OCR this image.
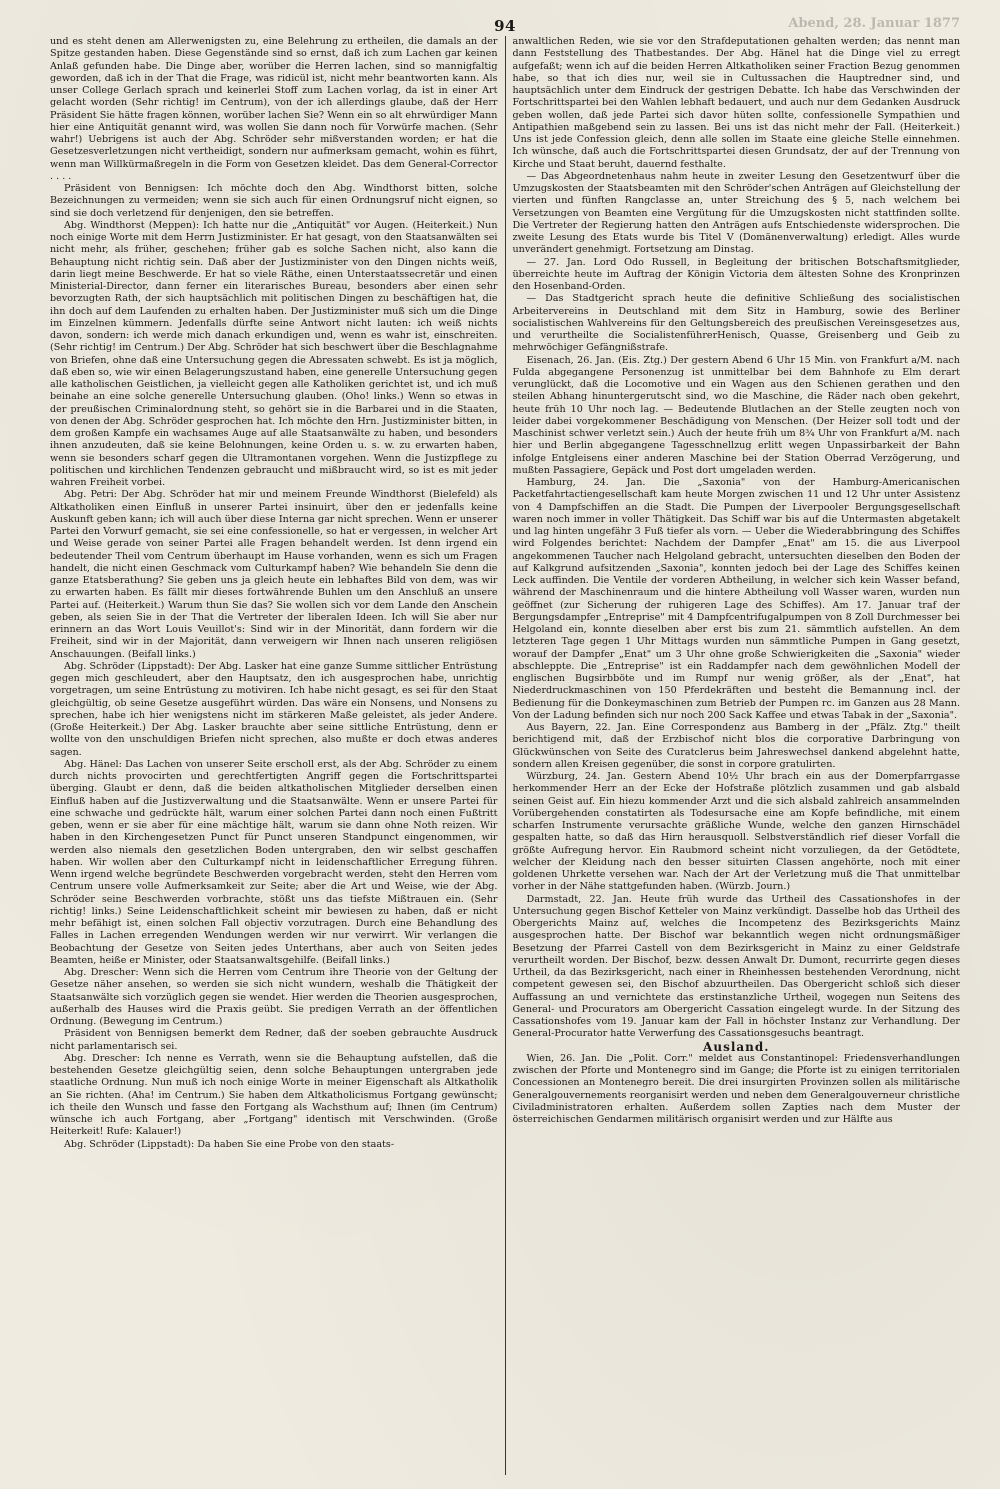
94	Abend, 28. Januar 1877

und es steht denen am Allerwenigsten zu, eine Belehrung zu ertheilen, die damals an der Spitze gestanden haben. Diese Gegenstände sind so ernst, daß ich zum Lachen gar keinen Anlaß gefunden habe. Die Dinge aber, worüber die Herren lachen, sind so mannigfaltig geworden, daß ich in der That die Frage, was ridicül ist, nicht mehr beantworten kann. Als unser College Gerlach sprach und keinerlei Stoff zum Lachen vorlag, da ist in einer Art gelacht worden (Sehr richtig! im Centrum), von der ich allerdings glaube, daß der Herr Präsident Sie hätte fragen können, worüber lachen Sie? Wenn ein so alt ehrwürdiger Mann hier eine Antiquität genannt wird, was wollen Sie dann noch für Vorwürfe machen. (Sehr wahr!) Uebrigens ist auch der Abg. Schröder sehr mißverstanden worden; er hat die Gesetzesverletzungen nicht vertheidigt, sondern nur aufmerksam gemacht, wohin es führt, wenn man Willkürmaßregeln in die Form von Gesetzen kleidet. Das dem General-Corrector . . . .

Präsident von Bennigsen: Ich möchte doch den Abg. Windthorst bitten, solche Bezeichnungen zu vermeiden; wenn sie sich auch für einen Ordnungsruf nicht eignen, so sind sie doch verletzend für denjenigen, den sie betreffen.

Abg. Windthorst (Meppen): Ich hatte nur die „Antiquität" vor Augen. (Heiterkeit.) Nun noch einige Worte mit dem Herrn Justizminister. Er hat gesagt, von den Staatsanwälten sei nicht mehr, als früher, geschehen; früher gab es solche Sachen nicht, also kann die Behauptung nicht richtig sein. Daß aber der Justizminister von den Dingen nichts weiß, darin liegt meine Beschwerde. Er hat so viele Räthe, einen Unterstaatssecretär und einen Ministerial-Director, dann ferner ein literarisches Bureau, besonders aber einen sehr bevorzugten Rath, der sich hauptsächlich mit politischen Dingen zu beschäftigen hat, die ihn doch auf dem Laufenden zu erhalten haben. Der Justizminister muß sich um die Dinge im Einzelnen kümmern. Jedenfalls dürfte seine Antwort nicht lauten: ich weiß nichts davon, sondern: ich werde mich danach erkundigen und, wenn es wahr ist, einschreiten. (Sehr richtig! im Centrum.) Der Abg. Schröder hat sich beschwert über die Beschlagnahme von Briefen, ohne daß eine Untersuchung gegen die Abressaten schwebt. Es ist ja möglich, daß eben so, wie wir einen Belagerungszustand haben, eine generelle Untersuchung gegen alle katholischen Geistlichen, ja vielleicht gegen alle Katholiken gerichtet ist, und ich muß beinahe an eine solche generelle Untersuchung glauben. (Oho! links.) Wenn so etwas in der preußischen Criminalordnung steht, so gehört sie in die Barbarei und in die Staaten, von denen der Abg. Schröder gesprochen hat. Ich möchte den Hrn. Justizminister bitten, in dem großen Kampfe ein wachsames Auge auf alle Staatsanwälte zu haben, und besonders ihnen anzudeuten, daß sie keine Belohnungen, keine Orden u. s. w. zu erwarten haben, wenn sie besonders scharf gegen die Ultramontanen vorgehen. Wenn die Justizpflege zu politischen und kirchlichen Tendenzen gebraucht und mißbraucht wird, so ist es mit jeder wahren Freiheit vorbei.

Abg. Petri: Der Abg. Schröder hat mir und meinem Freunde Windthorst (Bielefeld) als Altkatholiken einen Einfluß in unserer Partei insinuirt, über den er jedenfalls keine Auskunft geben kann; ich will auch über diese Interna gar nicht sprechen. Wenn er unserer Partei den Vorwurf gemacht, sie sei eine confessionelle, so hat er vergessen, in welcher Art und Weise gerade von seiner Partei alle Fragen behandelt werden. Ist denn irgend ein bedeutender Theil vom Centrum überhaupt im Hause vorhanden, wenn es sich um Fragen handelt, die nicht einen Geschmack vom Culturkampf haben? Wie behandeln Sie denn die ganze Etatsberathung? Sie geben uns ja gleich heute ein lebhaftes Bild von dem, was wir zu erwarten haben. Es fällt mir dieses fortwährende Buhlen um den Anschluß an unsere Partei auf. (Heiterkeit.) Warum thun Sie das? Sie wollen sich vor dem Lande den Anschein geben, als seien Sie in der That die Vertreter der liberalen Ideen. Ich will Sie aber nur erinnern an das Wort Louis Veuillot's: Sind wir in der Minorität, dann fordern wir die Freiheit, sind wir in der Majorität, dann verweigern wir Ihnen nach unseren religiösen Anschauungen. (Beifall links.)

Abg. Schröder (Lippstadt): Der Abg. Lasker hat eine ganze Summe sittlicher Entrüstung gegen mich geschleudert, aber den Hauptsatz, den ich ausgesprochen habe, unrichtig vorgetragen, um seine Entrüstung zu motiviren. Ich habe nicht gesagt, es sei für den Staat gleichgültig, ob seine Gesetze ausgeführt würden. Das wäre ein Nonsens, und Nonsens zu sprechen, habe ich hier wenigstens nicht im stärkeren Maße geleistet, als jeder Andere. (Große Heiterkeit.) Der Abg. Lasker brauchte aber seine sittliche Entrüstung, denn er wollte von den unschuldigen Briefen nicht sprechen, also mußte er doch etwas anderes sagen.

Abg. Hänel: Das Lachen von unserer Seite erscholl erst, als der Abg. Schröder zu einem durch nichts provocirten und gerechtfertigten Angriff gegen die Fortschrittspartei überging. Glaubt er denn, daß die beiden altkatholischen Mitglieder derselben einen Einfluß haben auf die Justizverwaltung und die Staatsanwälte. Wenn er unsere Partei für eine schwache und gedrückte hält, warum einer solchen Partei dann noch einen Fußtritt geben, wenn er sie aber für eine mächtige hält, warum sie dann ohne Noth reizen. Wir haben in den Kirchengesetzen Punct für Punct unseren Standpunct eingenommen, wir werden also niemals den gesetzlichen Boden untergraben, den wir selbst geschaffen haben. Wir wollen aber den Culturkampf nicht in leidenschaftlicher Erregung führen. Wenn irgend welche begründete Beschwerden vorgebracht werden, steht den Herren vom Centrum unsere volle Aufmerksamkeit zur Seite; aber die Art und Weise, wie der Abg. Schröder seine Beschwerden vorbrachte, stößt uns das tiefste Mißtrauen ein. (Sehr richtig! links.) Seine Leidenschaftlichkeit scheint mir bewiesen zu haben, daß er nicht mehr befähigt ist, einen solchen Fall objectiv vorzutragen. Durch eine Behandlung des Falles in Lachen erregenden Wendungen werden wir nur verwirrt. Wir verlangen die Beobachtung der Gesetze von Seiten jedes Unterthans, aber auch von Seiten jedes Beamten, heiße er Minister, oder Staatsanwaltsgehilfe. (Beifall links.)

Abg. Drescher: Wenn sich die Herren vom Centrum ihre Theorie von der Geltung der Gesetze näher ansehen, so werden sie sich nicht wundern, weshalb die Thätigkeit der Staatsanwälte sich vorzüglich gegen sie wendet. Hier werden die Theorien ausgesprochen, außerhalb des Hauses wird die Praxis geübt. Sie predigen Verrath an der öffentlichen Ordnung. (Bewegung im Centrum.)

Präsident von Bennigsen bemerkt dem Redner, daß der soeben gebrauchte Ausdruck nicht parlamentarisch sei.

Abg. Drescher: Ich nenne es Verrath, wenn sie die Behauptung aufstellen, daß die bestehenden Gesetze gleichgültig seien, denn solche Behauptungen untergraben jede staatliche Ordnung. Nun muß ich noch einige Worte in meiner Eigenschaft als Altkatholik an Sie richten. (Aha! im Centrum.) Sie haben dem Altkatholicismus Fortgang gewünscht; ich theile den Wunsch und fasse den Fortgang als Wachsthum auf; Ihnen (im Centrum) wünsche ich auch Fortgang, aber „Fortgang" identisch mit Verschwinden. (Große Heiterkeit! Rufe: Kalauer!)

Abg. Schröder (Lippstadt): Da haben Sie eine Probe von den staats-

anwaltlichen Reden, wie sie vor den Strafdeputationen gehalten werden; das nennt man dann Feststellung des Thatbestandes. Der Abg. Hänel hat die Dinge viel zu erregt aufgefaßt; wenn ich auf die beiden Herren Altkatholiken seiner Fraction Bezug genommen habe, so that ich dies nur, weil sie in Cultussachen die Hauptredner sind, und hauptsächlich unter dem Eindruck der gestrigen Debatte. Ich habe das Verschwinden der Fortschrittspartei bei den Wahlen lebhaft bedauert, und auch nur dem Gedanken Ausdruck geben wollen, daß jede Partei sich davor hüten sollte, confessionelle Sympathien und Antipathien maßgebend sein zu lassen. Bei uns ist das nicht mehr der Fall. (Heiterkeit.) Uns ist jede Confession gleich, denn alle sollen im Staate eine gleiche Stelle einnehmen. Ich wünsche, daß auch die Fortschrittspartei diesen Grundsatz, der auf der Trennung von Kirche und Staat beruht, dauernd festhalte.

— Das Abgeordnetenhaus nahm heute in zweiter Lesung den Gesetzentwurf über die Umzugskosten der Staatsbeamten mit den Schröder'schen Anträgen auf Gleichstellung der vierten und fünften Rangclasse an, unter Streichung des § 5, nach welchem bei Versetzungen von Beamten eine Vergütung für die Umzugskosten nicht stattfinden sollte. Die Vertreter der Regierung hatten den Anträgen aufs Entschiedenste widersprochen. Die zweite Lesung des Etats wurde bis Titel V (Domänenverwaltung) erledigt. Alles wurde unverändert genehmigt. Fortsetzung am Dinstag.

— 27. Jan. Lord Odo Russell, in Begleitung der britischen Botschaftsmitglieder, überreichte heute im Auftrag der Königin Victoria dem ältesten Sohne des Kronprinzen den Hosenband-Orden.

— Das Stadtgericht sprach heute die definitive Schließung des socialistischen Arbeitervereins in Deutschland mit dem Sitz in Hamburg, sowie des Berliner socialistischen Wahlvereins für den Geltungsbereich des preußischen Vereinsgesetzes aus, und verurtheilte die SocialistenführerHenisch, Quasse, Greisenberg und Geib zu mehrwöchiger Gefängnißstrafe.

Eisenach, 26. Jan. (Eis. Ztg.) Der gestern Abend 6 Uhr 15 Min. von Frankfurt a/M. nach Fulda abgegangene Personenzug ist unmittelbar bei dem Bahnhofe zu Elm derart verunglückt, daß die Locomotive und ein Wagen aus den Schienen gerathen und den steilen Abhang hinuntergerutscht sind, wo die Maschine, die Räder nach oben gekehrt, heute früh 10 Uhr noch lag. — Bedeutende Blutlachen an der Stelle zeugten noch von leider dabei vorgekommener Beschädigung von Menschen. (Der Heizer soll todt und der Maschinist schwer verletzt sein.) Auch der heute früh um 8¾ Uhr von Frankfurt a/M. nach hier und Berlin abgegangene Tagesschnellzug erlitt wegen Unpassirbarkeit der Bahn infolge Entgleisens einer anderen Maschine bei der Station Oberrad Verzögerung, und mußten Passagiere, Gepäck und Post dort umgeladen werden.

Hamburg, 24. Jan. Die „Saxonia" von der Hamburg-Americanischen Packetfahrtactiengesellschaft kam heute Morgen zwischen 11 und 12 Uhr unter Assistenz von 4 Dampfschiffen an die Stadt. Die Pumpen der Liverpooler Bergungsgesellschaft waren noch immer in voller Thätigkeit. Das Schiff war bis auf die Untermasten abgetakelt und lag hinten ungefähr 3 Fuß tiefer als vorn. — Ueber die Wiederabbringung des Schiffes wird Folgendes berichtet: Nachdem der Dampfer „Enat" am 15. die aus Liverpool angekommenen Taucher nach Helgoland gebracht, untersuchten dieselben den Boden der auf Kalkgrund aufsitzenden „Saxonia", konnten jedoch bei der Lage des Schiffes keinen Leck auffinden. Die Ventile der vorderen Abtheilung, in welcher sich kein Wasser befand, während der Maschinenraum und die hintere Abtheilung voll Wasser waren, wurden nun geöffnet (zur Sicherung der ruhigeren Lage des Schiffes). Am 17. Januar traf der Bergungsdampfer „Entreprise" mit 4 Dampfcentrifugalpumpen von 8 Zoll Durchmesser bei Helgoland ein, konnte dieselben aber erst bis zum 21. sämmtlich aufstellen. An dem letzteren Tage gegen 1 Uhr Mittags wurden nun sämmtliche Pumpen in Gang gesetzt, worauf der Dampfer „Enat" um 3 Uhr ohne große Schwierigkeiten die „Saxonia" wieder abschleppte. Die „Entreprise" ist ein Raddampfer nach dem gewöhnlichen Modell der englischen Bugsirbböte und im Rumpf nur wenig größer, als der „Enat", hat Niederdruckmaschinen von 150 Pferdekräften und besteht die Bemannung incl. der Bedienung für die Donkeymaschinen zum Betrieb der Pumpen rc. im Ganzen aus 28 Mann. Von der Ladung befinden sich nur noch 200 Sack Kaffee und etwas Tabak in der „Saxonia".

Aus Bayern, 22. Jan. Eine Correspondenz aus Bamberg in der „Pfälz. Ztg." theilt berichtigend mit, daß der Erzbischof nicht blos die corporative Darbringung von Glückwünschen von Seite des Curatclerus beim Jahreswechsel dankend abgelehnt hatte, sondern allen Kreisen gegenüber, die sonst in corpore gratulirten.

Würzburg, 24. Jan. Gestern Abend 10½ Uhr brach ein aus der Domerpfarrgasse herkommender Herr an der Ecke der Hofstraße plötzlich zusammen und gab alsbald seinen Geist auf. Ein hiezu kommender Arzt und die sich alsbald zahlreich ansammelnden Vorübergehenden constatirten als Todesursache eine am Kopfe befindliche, mit einem scharfen Instrumente verursachte gräßliche Wunde, welche den ganzen Hirnschädel gespalten hatte, so daß das Hirn herausquoll. Selbstverständlich rief dieser Vorfall die größte Aufregung hervor. Ein Raubmord scheint nicht vorzuliegen, da der Getödtete, welcher der Kleidung nach den besser situirten Classen angehörte, noch mit einer goldenen Uhrkette versehen war. Nach der Art der Verletzung muß die That unmittelbar vorher in der Nähe stattgefunden haben. (Würzb. Journ.)

Darmstadt, 22. Jan. Heute früh wurde das Urtheil des Cassationshofes in der Untersuchung gegen Bischof Ketteler von Mainz verkündigt. Dasselbe hob das Urtheil des Obergerichts Mainz auf, welches die Incompetenz des Bezirksgerichts Mainz ausgesprochen hatte. Der Bischof war bekanntlich wegen nicht ordnungsmäßiger Besetzung der Pfarrei Castell von dem Bezirksgericht in Mainz zu einer Geldstrafe verurtheilt worden. Der Bischof, bezw. dessen Anwalt Dr. Dumont, recurrirte gegen dieses Urtheil, da das Bezirksgericht, nach einer in Rheinhessen bestehenden Verordnung, nicht competent gewesen sei, den Bischof abzuurtheilen. Das Obergericht schloß sich dieser Auffassung an und vernichtete das erstinstanzliche Urtheil, wogegen nun Seitens des General- und Procurators am Obergericht Cassation eingelegt wurde. In der Sitzung des Cassationshofes vom 19. Januar kam der Fall in höchster Instanz zur Verhandlung. Der General-Procurator hatte Verwerfung des Cassationsgesuchs beantragt.

Ausland.

Wien, 26. Jan. Die „Polit. Corr." meldet aus Constantinopel: Friedensverhandlungen zwischen der Pforte und Montenegro sind im Gange; die Pforte ist zu einigen territorialen Concessionen an Montenegro bereit. Die drei insurgirten Provinzen sollen als militärische Generalgouvernements reorganisirt werden und neben dem Generalgouverneur christliche Civiladministratoren erhalten. Außerdem sollen Zapties nach dem Muster der österreichischen Gendarmen militärisch organisirt werden und zur Hälfte aus
